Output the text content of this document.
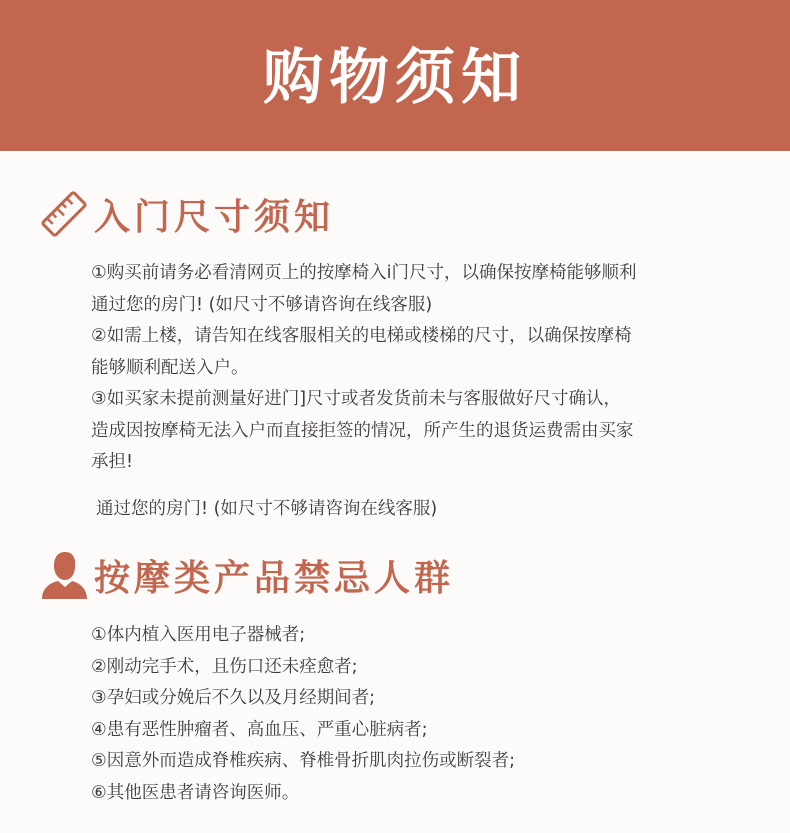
购物须知
入门尺寸须知

①购买前请务必看清网页上的按摩椅入i门尺寸，以确保按摩椅能够顺利

通过您的房门! (如尺寸不够请咨询在线客服)

②如需上楼，请告知在线客服相关的电梯或楼梯的尺寸，以确保按摩椅

能够顺利配送入户。

③如买家未提前测量好进门]尺寸或者发货前未与客服做好尺寸确认，

造成因按摩椅无法入户而直接拒签的情况，所产生的退货运费需由买家

承担!

通过您的房门! (如尺寸不够请咨询在线客服)
按摩类产品禁忌人群

①体内植入医用电子器械者;

②刚动完手术，且伤口还未痊愈者;

③孕妇或分娩后不久以及月经期间者;

④患有恶性肿瘤者、高血压、严重心脏病者;

⑤因意外而造成脊椎疾病、脊椎骨折肌肉拉伤或断裂者;

⑥其他医患者请咨询医师。
